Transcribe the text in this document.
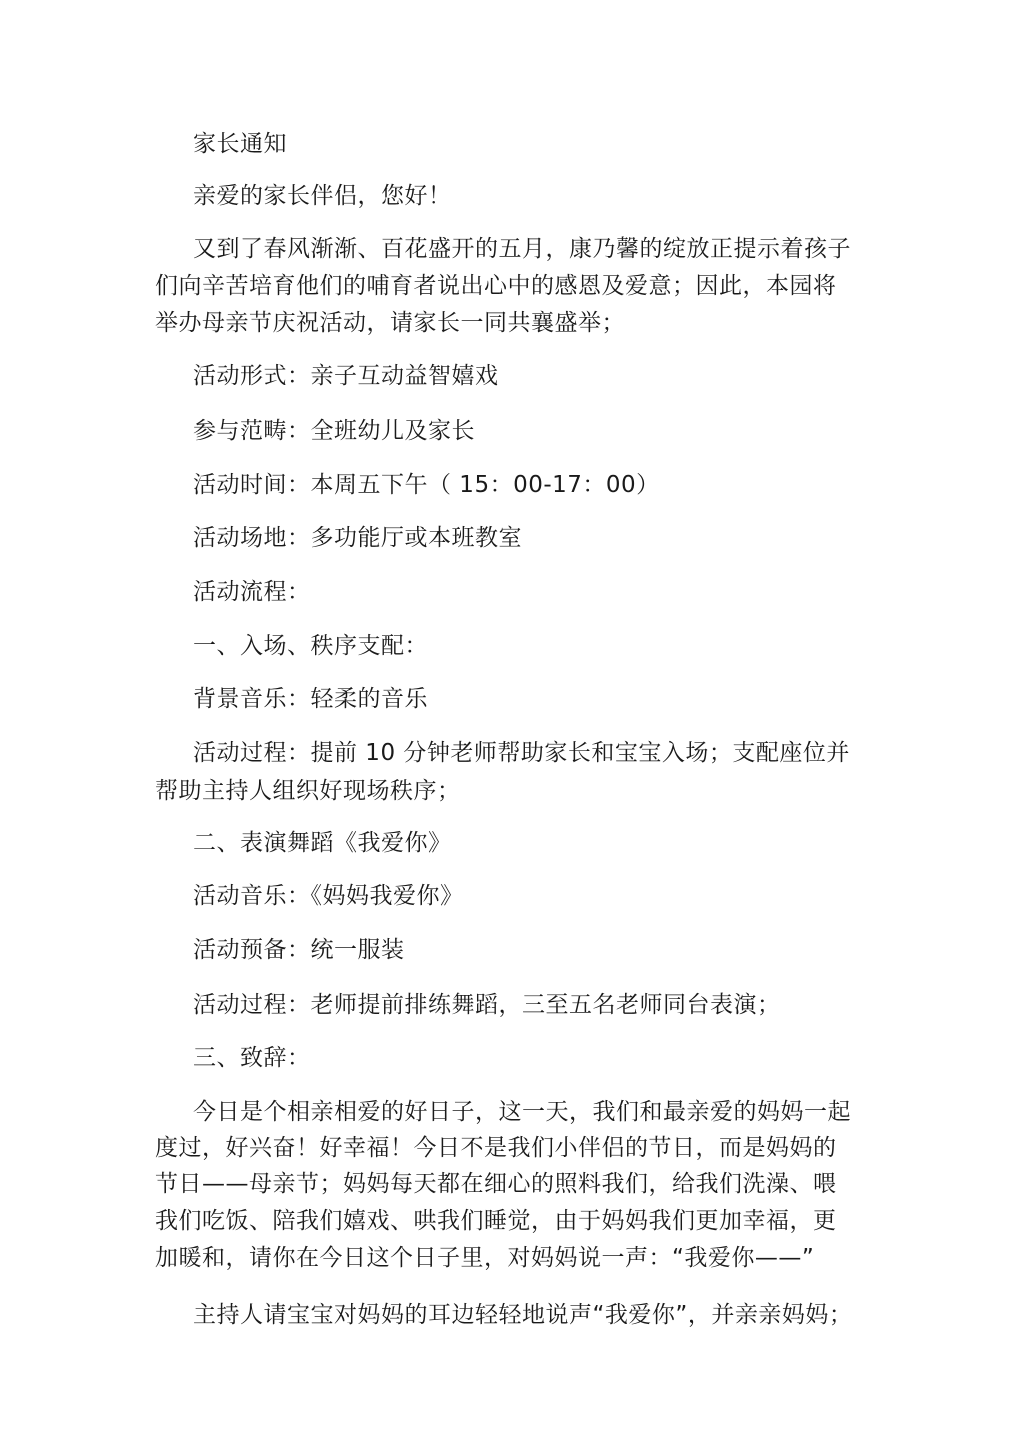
家长通知
亲爱的家长伴侣，您好！
又到了春风渐渐、百花盛开的五月，康乃馨的绽放正提示着孩子
们向辛苦培育他们的哺育者说出心中的感恩及爱意；因此，本园将
举办母亲节庆祝活动，请家长一同共襄盛举；
活动形式：亲子互动益智嬉戏
参与范畴：全班幼儿及家长
活动时间：本周五下午（ 15：00-17：00）
活动场地：多功能厅或本班教室
活动流程：
一、入场、秩序支配：
背景音乐：轻柔的音乐
活动过程：提前 10 分钟老师帮助家长和宝宝入场；支配座位并
帮助主持人组织好现场秩序；
二、表演舞蹈《我爱你》
活动音乐：《妈妈我爱你》
活动预备：统一服装
活动过程：老师提前排练舞蹈，三至五名老师同台表演；
三、致辞：
今日是个相亲相爱的好日子，这一天，我们和最亲爱的妈妈一起
度过，好兴奋！好幸福！今日不是我们小伴侣的节日，而是妈妈的
节日——母亲节；妈妈每天都在细心的照料我们，给我们洗澡、喂
我们吃饭、陪我们嬉戏、哄我们睡觉，由于妈妈我们更加幸福，更
加暖和，请你在今日这个日子里，对妈妈说一声：“我爱你——”
主持人请宝宝对妈妈的耳边轻轻地说声“我爱你”，并亲亲妈妈；
